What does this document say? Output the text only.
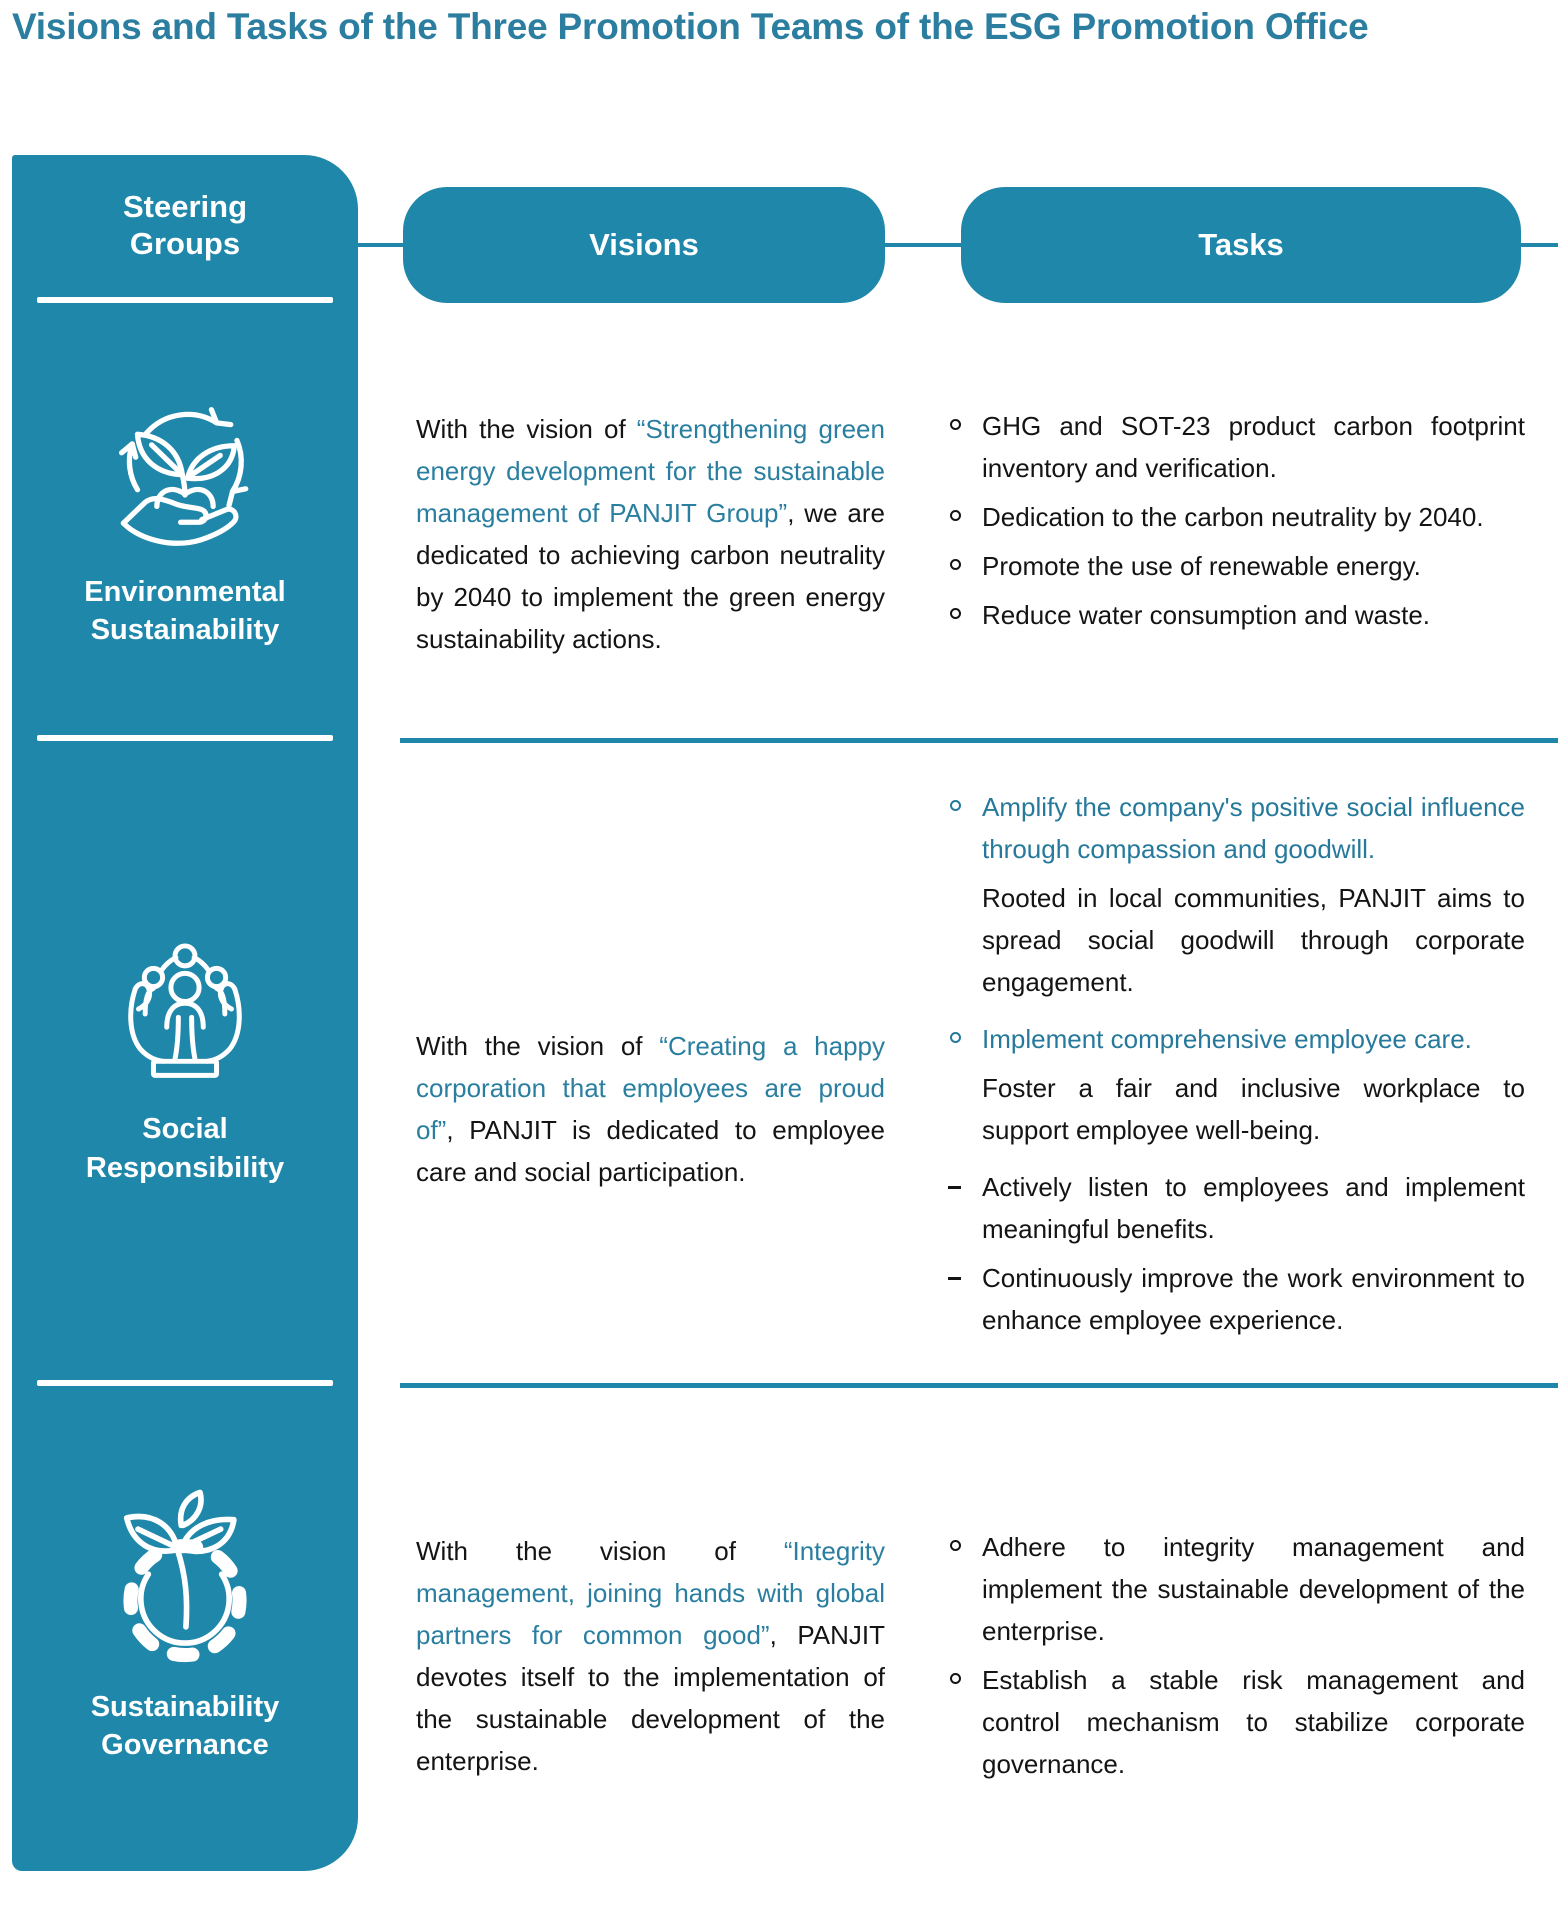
Visions and Tasks of the Three Promotion Teams of the ESG Promotion Office
Visions	Tasks
Steering Groups
Environmental Sustainability
Social Responsibility
Sustainability Governance
With the vision of “Strengthening green energy development for the sustainable management of PANJIT Group”, we are dedicated to achieving carbon neutrality by 2040 to implement the green energy sustainability actions.
GHG and SOT-23 product carbon footprint inventory and verification.
Dedication to the carbon neutrality by 2040.
Promote the use of renewable energy.
Reduce water consumption and waste.
With the vision of “Creating a happy corporation that employees are proud of”, PANJIT is dedicated to employee care and social participation.
Amplify the company's positive social influence through compassion and goodwill.
Rooted in local communities, PANJIT aims to spread social goodwill through corporate engagement.
Implement comprehensive employee care.
Foster a fair and inclusive workplace to support employee well-being.
Actively listen to employees and implement meaningful benefits.
Continuously improve the work environment to enhance employee experience.
With the vision of “Integrity management, joining hands with global partners for common good”, PANJIT devotes itself to the implementation of the sustainable development of the enterprise.
Adhere to integrity management and implement the sustainable development of the enterprise.
Establish a stable risk management and control mechanism to stabilize corporate governance.
